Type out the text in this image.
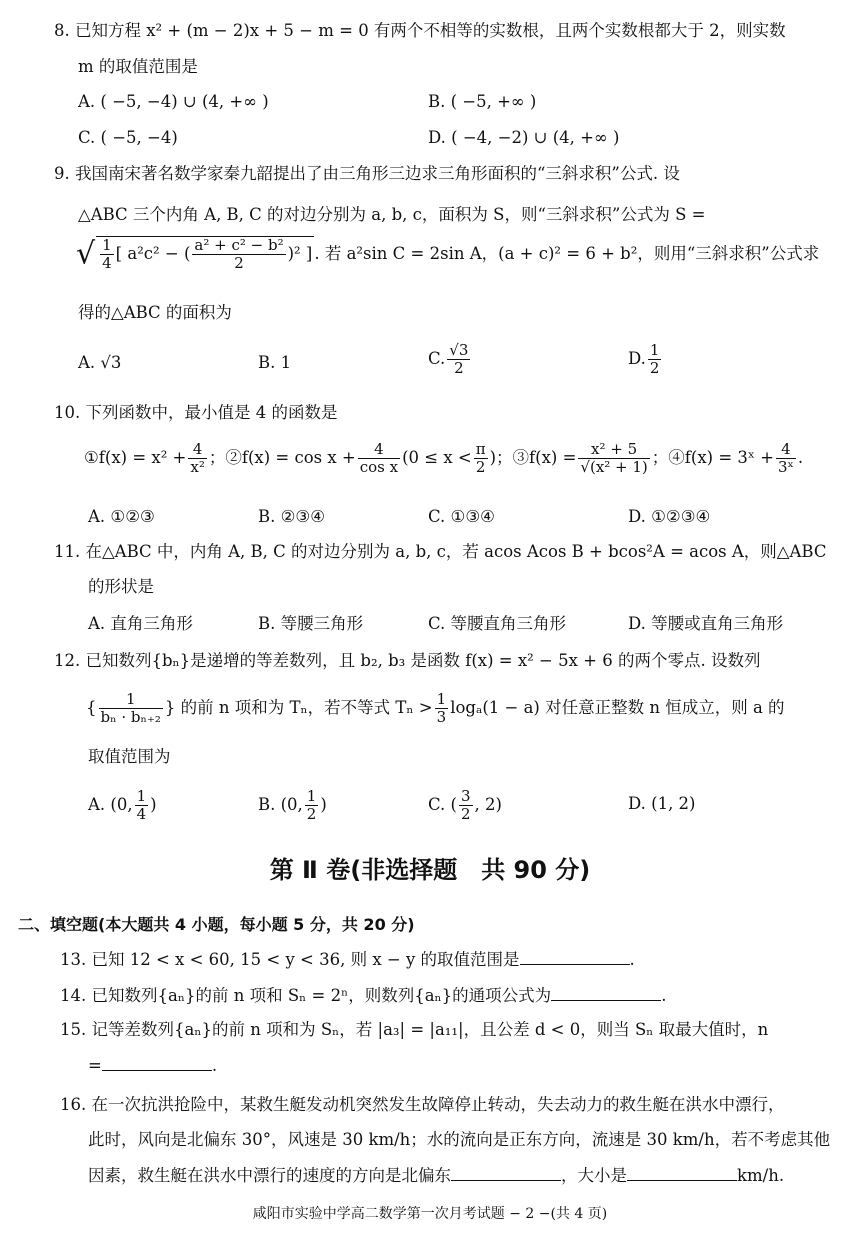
8. 已知方程 x² + (m − 2)x + 5 − m = 0 有两个不相等的实数根，且两个实数根都大于 2，则实数
m 的取值范围是
A. ( −5, −4) ∪ (4, +∞ )	B. ( −5, +∞ )
C. ( −5, −4)	D. ( −4, −2) ∪ (4, +∞ )
9. 我国南宋著名数学家秦九韶提出了由三角形三边求三角形面积的“三斜求积”公式. 设
△ABC 三个内角 A, B, C 的对边分别为 a, b, c，面积为 S，则“三斜求积”公式为 S =
√ $\frac{1}{4}$ [ a²c² − ( $\frac{\text{a² + c² − b²}}{2} )^2$ ] . 若 a²sin C = 2sin A，(a + c)² = 6 + b²，则用“三斜求积”公式求
得的△ABC 的面积为
A. √3	B. 1	C. $\frac{√3}{2}$	D. $\frac{1}{2}$
10. 下列函数中，最小值是 4 的函数是
①f(x) = $x^2 + \frac{4}{\text{x²}}$ ；②f(x) = $\cos x + \frac{4}{\text{cos x}} (0 \le x < \frac{\pi}{2}$ )；③f(x) = $\frac{\text{x² + 5}}{\text{√(x² + 1)}}$ ；④f(x) = 3ˣ + $\frac{4}{\text{3ˣ}}$ .
A. ①②③	B. ②③④	C. ①③④	D. ①②③④
11. 在△ABC 中，内角 A, B, C 的对边分别为 a, b, c，若 acos Acos B + bcos²A = acos A，则△ABC
的形状是
A. 直角三角形	B. 等腰三角形	C. 等腰直角三角形	D. 等腰或直角三角形
12. 已知数列{bₙ}是递增的等差数列，且 b₂, b₃ 是函数 f(x) = x² − 5x + 6 的两个零点. 设数列
{ $\frac{1}{\text{bₙ · bₙ₊₂}}$ } 的前 n 项和为 Tₙ，若不等式 $T_n > \frac{1}{3} \log_a(1 - a)$ 对任意正整数 n 恒成立，则 a 的
取值范围为
A. (0, $\frac{1}{4}$ )	B. (0, $\frac{1}{2}$ )	C. ( $\frac{3}{2}$ , 2)	D. (1, 2)
第 Ⅱ 卷(非选择题　共 90 分)
二、填空题(本大题共 4 小题，每小题 5 分，共 20 分)
13. 已知 12 < x < 60, 15 < y < 36, 则 x − y 的取值范围是	.
14. 已知数列{aₙ}的前 n 项和 Sₙ = 2ⁿ，则数列{aₙ}的通项公式为	.
15. 记等差数列{aₙ}的前 n 项和为 Sₙ，若 |a₃| = |a₁₁|，且公差 d < 0，则当 Sₙ 取最大值时，n
=	.
16. 在一次抗洪抢险中，某救生艇发动机突然发生故障停止转动，失去动力的救生艇在洪水中漂行，
此时，风向是北偏东 30°，风速是 30 km/h；水的流向是正东方向，流速是 30 km/h，若不考虑其他
因素，救生艇在洪水中漂行的速度的方向是北偏东	，大小是	km/h.
咸阳市实验中学高二数学第一次月考试题 − 2 −(共 4 页)
